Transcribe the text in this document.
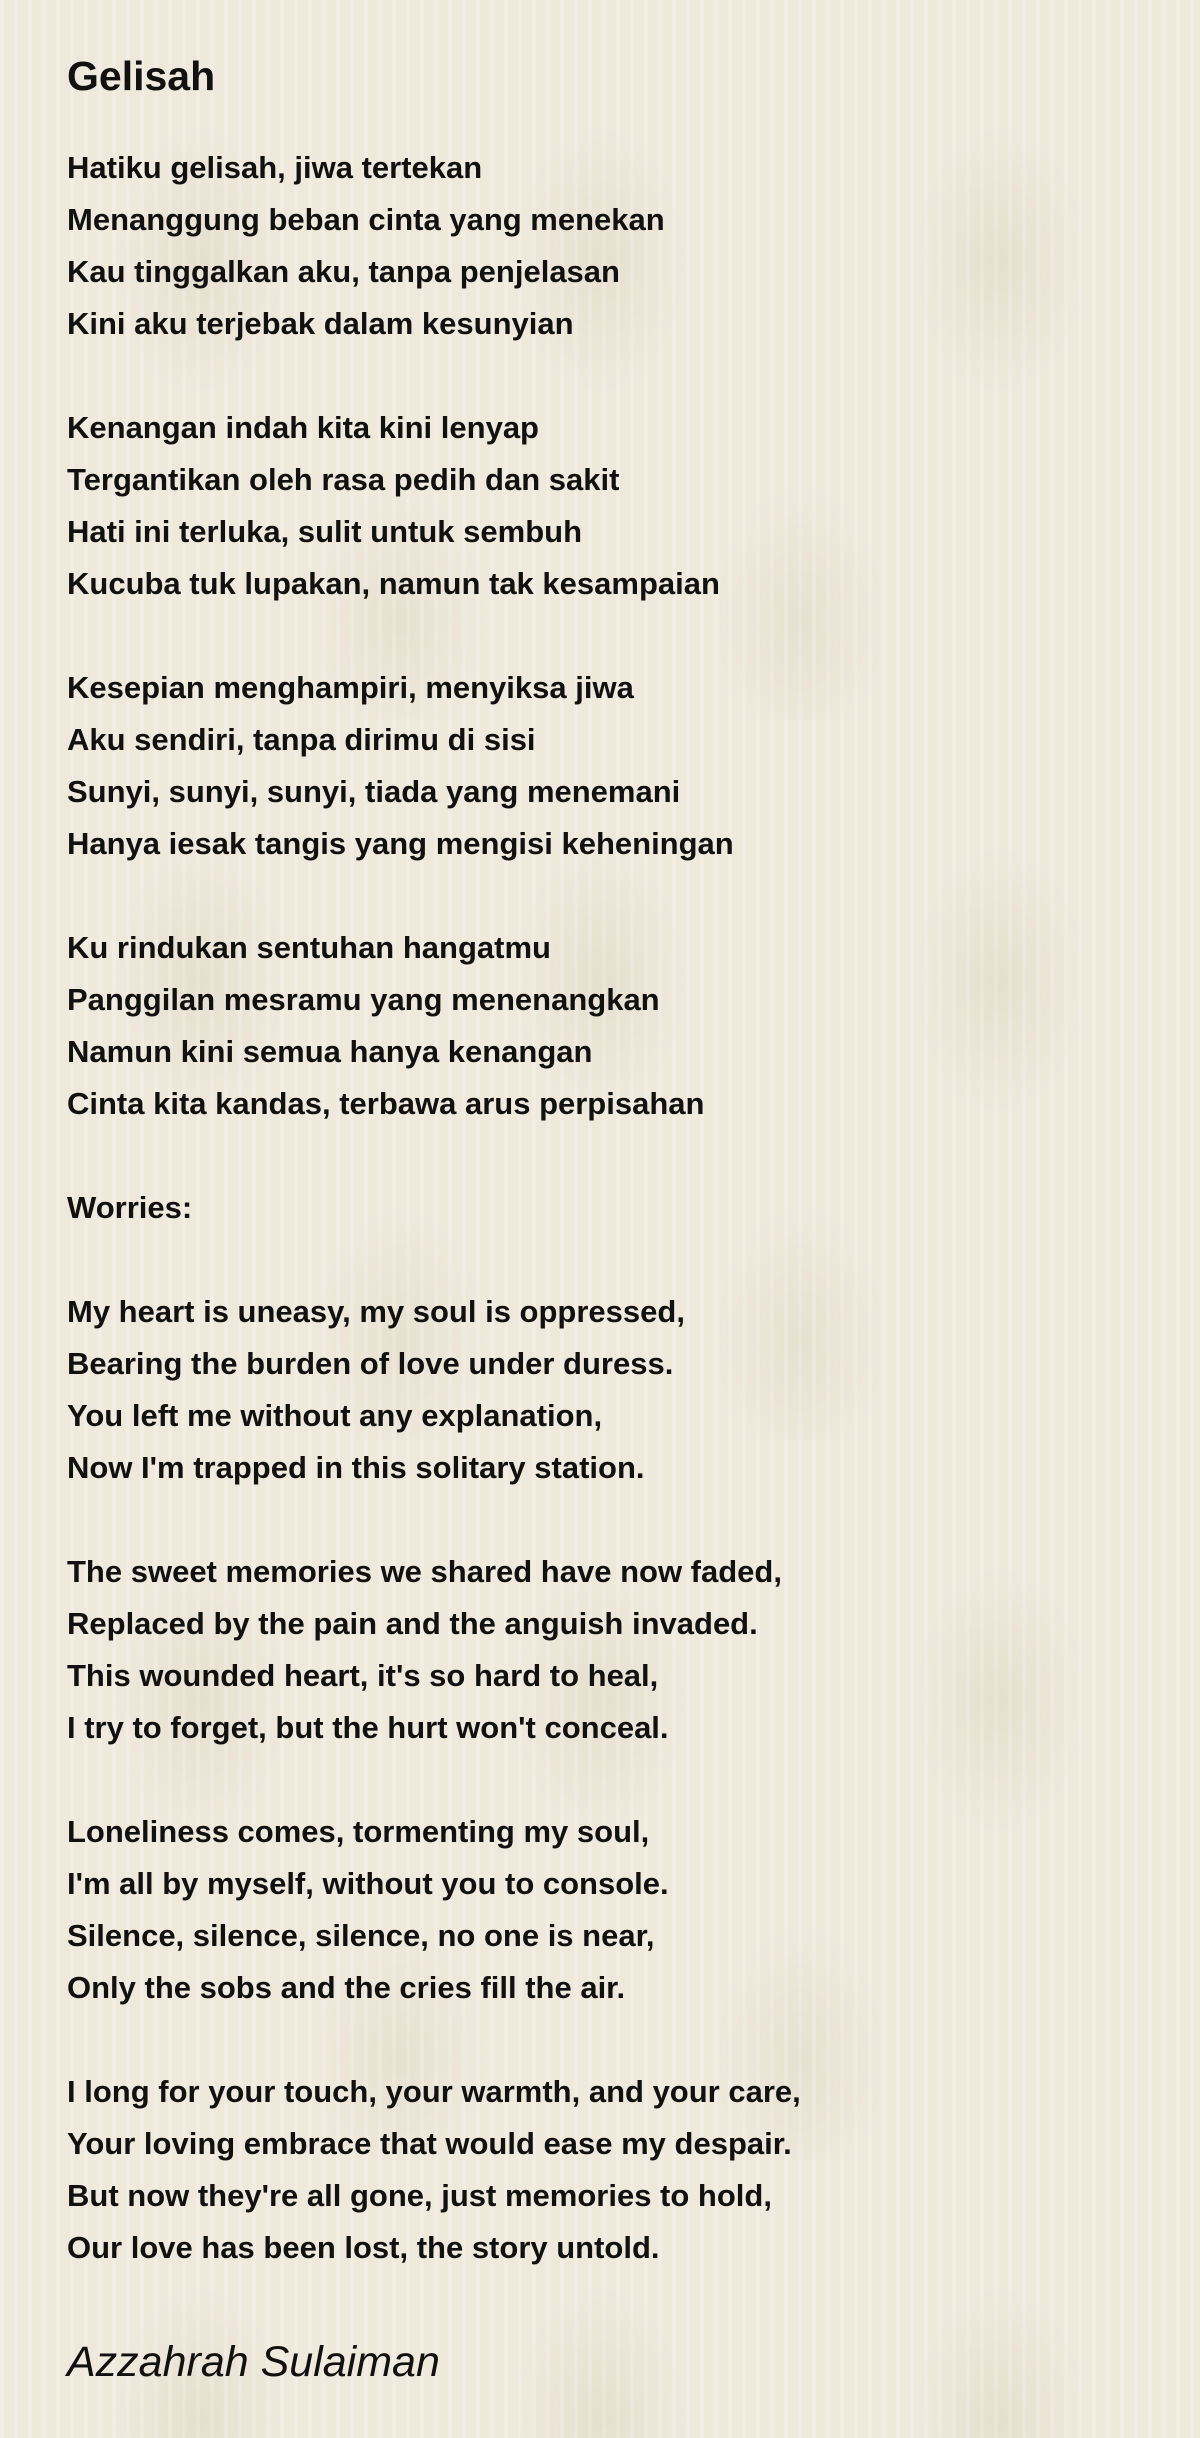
Gelisah
Hatiku gelisah, jiwa tertekan
Menanggung beban cinta yang menekan
Kau tinggalkan aku, tanpa penjelasan
Kini aku terjebak dalam kesunyian
Kenangan indah kita kini lenyap
Tergantikan oleh rasa pedih dan sakit
Hati ini terluka, sulit untuk sembuh
Kucuba tuk lupakan, namun tak kesampaian
Kesepian menghampiri, menyiksa jiwa
Aku sendiri, tanpa dirimu di sisi
Sunyi, sunyi, sunyi, tiada yang menemani
Hanya iesak tangis yang mengisi keheningan
Ku rindukan sentuhan hangatmu
Panggilan mesramu yang menenangkan
Namun kini semua hanya kenangan
Cinta kita kandas, terbawa arus perpisahan
Worries:
My heart is uneasy, my soul is oppressed,
Bearing the burden of love under duress.
You left me without any explanation,
Now I'm trapped in this solitary station.
The sweet memories we shared have now faded,
Replaced by the pain and the anguish invaded.
This wounded heart, it's so hard to heal,
I try to forget, but the hurt won't conceal.
Loneliness comes, tormenting my soul,
I'm all by myself, without you to console.
Silence, silence, silence, no one is near,
Only the sobs and the cries fill the air.
I long for your touch, your warmth, and your care,
Your loving embrace that would ease my despair.
But now they're all gone, just memories to hold,
Our love has been lost, the story untold.
Azzahrah Sulaiman
